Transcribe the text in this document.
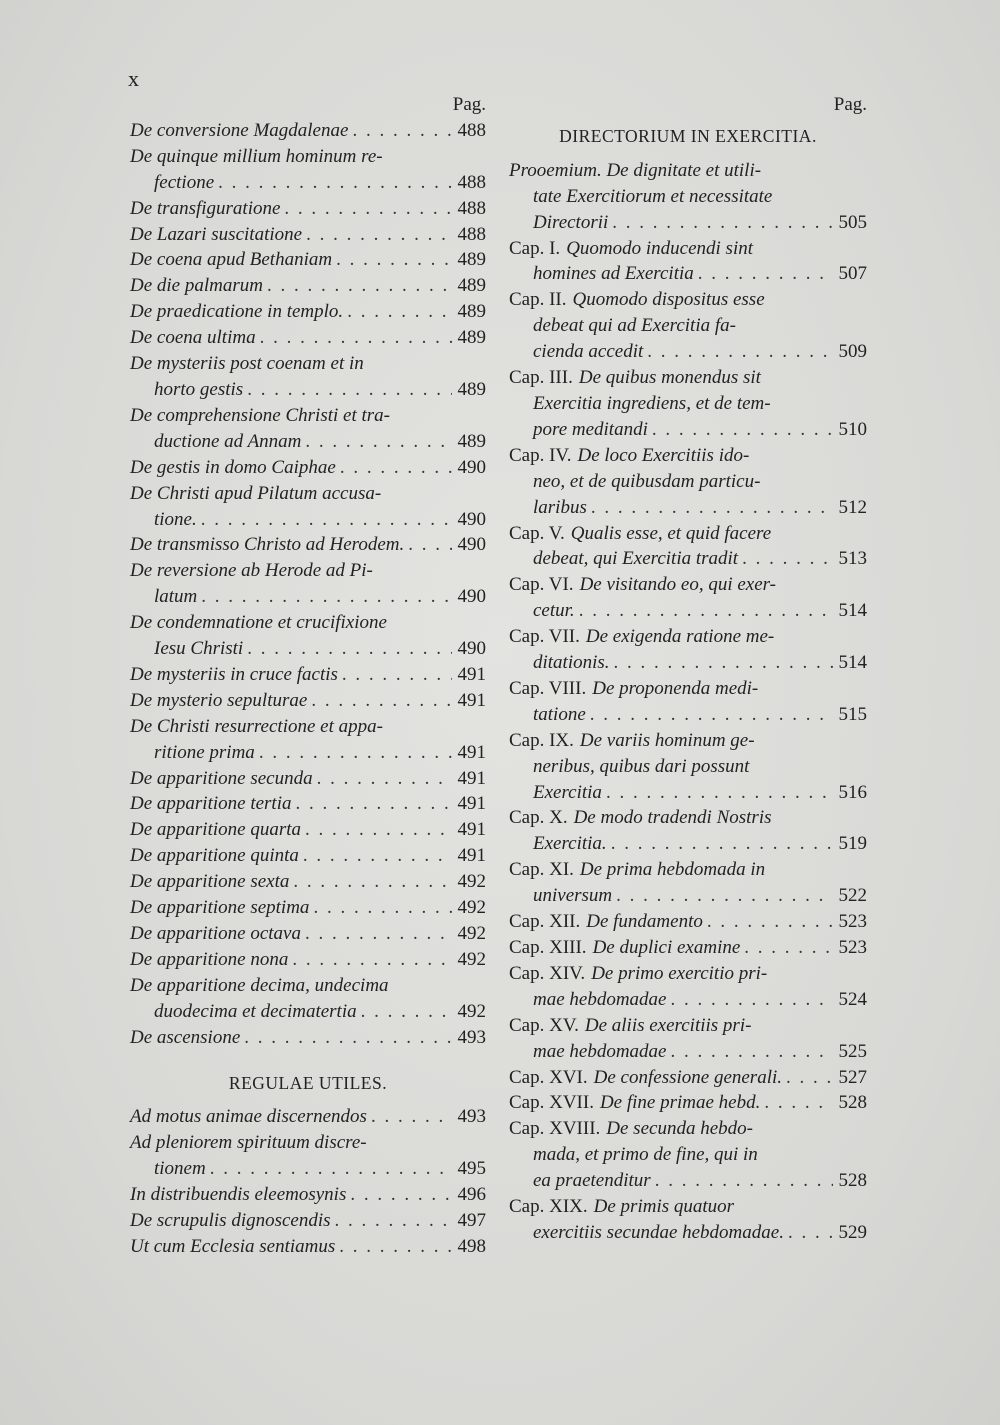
x
Pag.
De conversione Magdalenae . . .	488
De quinque millium hominum re-
fectione . . .	488
De transfiguratione . . .	488
De Lazari suscitatione . . .	488
De coena apud Bethaniam . . .	489
De die palmarum . . .	489
De praedicatione in templo. . . .	489
De coena ultima . . .	489
De mysteriis post coenam et in
horto gestis . . .	489
De comprehensione Christi et tra-
ductione ad Annam . . .	489
De gestis in domo Caiphae . . .	490
De Christi apud Pilatum accusa-
tione. . . .	490
De transmisso Christo ad Herodem. . . .	490
De reversione ab Herode ad Pi-
latum . . .	490
De condemnatione et crucifixione
Iesu Christi . . .	490
De mysteriis in cruce factis . . .	491
De mysterio sepulturae . . .	491
De Christi resurrectione et appa-
ritione prima . . .	491
De apparitione secunda . . .	491
De apparitione tertia . . .	491
De apparitione quarta . . .	491
De apparitione quinta . . .	491
De apparitione sexta . . .	492
De apparitione septima . . .	492
De apparitione octava . . .	492
De apparitione nona . . .	492
De apparitione decima, undecima
duodecima et decimatertia . . .	492
De ascensione . . .	493
REGULAE UTILES.
Ad motus animae discernendos . . .	493
Ad pleniorem spirituum discre-
tionem . . .	495
In distribuendis eleemosynis . . .	496
De scrupulis dignoscendis . . .	497
Ut cum Ecclesia sentiamus . . .	498
Pag.
DIRECTORIUM IN EXERCITIA.
Prooemium. De dignitate et utili-
tate Exercitiorum et necessitate
Directorii . . .	505
Cap. I. Quomodo inducendi sint
homines ad Exercitia . . .	507
Cap. II. Quomodo dispositus esse
debeat qui ad Exercitia fa-
cienda accedit . . .	509
Cap. III. De quibus monendus sit
Exercitia ingrediens, et de tem-
pore meditandi . . .	510
Cap. IV. De loco Exercitiis ido-
neo, et de quibusdam particu-
laribus . . .	512
Cap. V. Qualis esse, et quid facere
debeat, qui Exercitia tradit . . .	513
Cap. VI. De visitando eo, qui exer-
cetur. . . .	514
Cap. VII. De exigenda ratione me-
ditationis. . . .	514
Cap. VIII. De proponenda medi-
tatione . . .	515
Cap. IX. De variis hominum ge-
neribus, quibus dari possunt
Exercitia . . .	516
Cap. X. De modo tradendi Nostris
Exercitia. . . .	519
Cap. XI. De prima hebdomada in
universum . . .	522
Cap. XII. De fundamento . . .	523
Cap. XIII. De duplici examine . . .	523
Cap. XIV. De primo exercitio pri-
mae hebdomadae . . .	524
Cap. XV. De aliis exercitiis pri-
mae hebdomadae . . .	525
Cap. XVI. De confessione generali. . . .	527
Cap. XVII. De fine primae hebd. . . .	528
Cap. XVIII. De secunda hebdo-
mada, et primo de fine, qui in
ea praetenditur . . .	528
Cap. XIX. De primis quatuor
exercitiis secundae hebdomadae. . . .	529
